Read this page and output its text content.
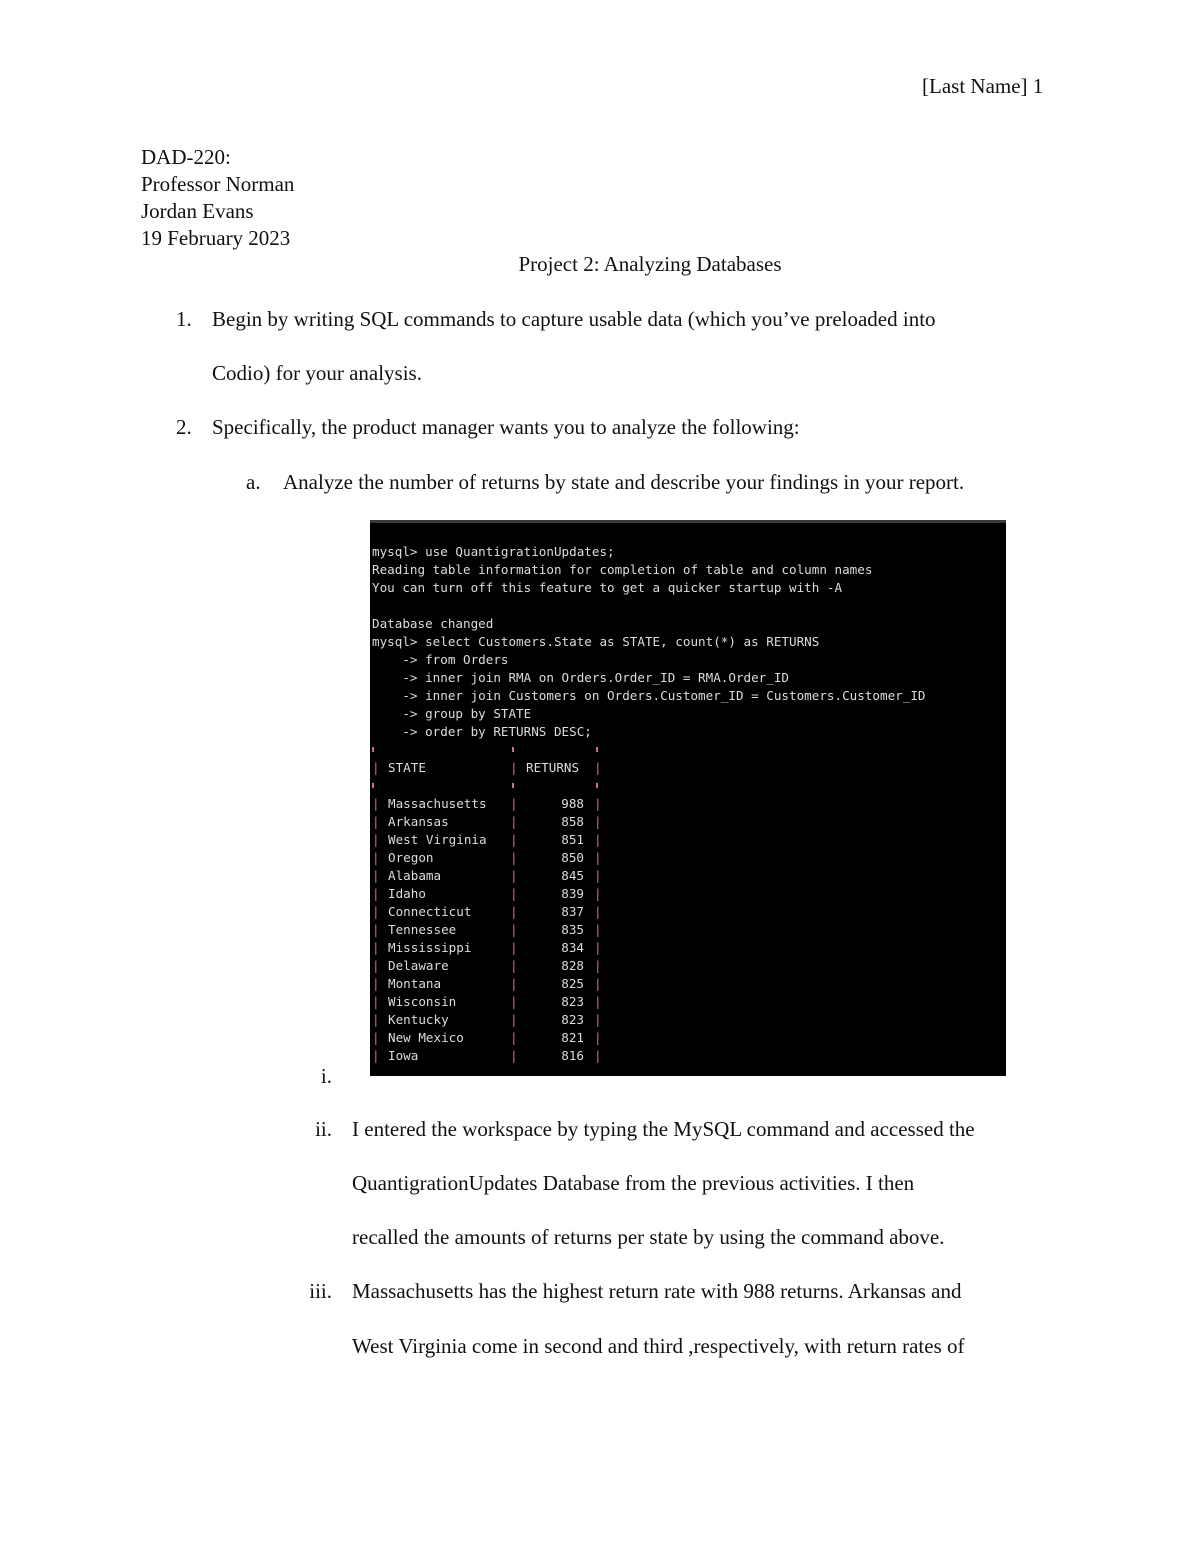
[Last Name] 1
DAD-220:
Professor Norman
Jordan Evans
19 February 2023
Project 2: Analyzing Databases
1. Begin by writing SQL commands to capture usable data (which you’ve preloaded into
Codio) for your analysis.
2. Specifically, the product manager wants you to analyze the following:
a. Analyze the number of returns by state and describe your findings in your report.
mysql> use QuantigrationUpdates;
Reading table information for completion of table and column names
You can turn off this feature to get a quicker startup with -A
Database changed
mysql> select Customers.State as STATE, count(*) as RETURNS
-> from Orders
-> inner join RMA on Orders.Order_ID = RMA.Order_ID
-> inner join Customers on Orders.Customer_ID = Customers.Customer_ID
-> group by STATE
-> order by RETURNS DESC;
| STATE	| RETURNS |
| Massachusetts |	988 |
| Arkansas	|	858 |
| West Virginia |	851 |
| Oregon	|	850 |
| Alabama	|	845 |
| Idaho	|	839 |
| Connecticut	|	837 |
| Tennessee	|	835 |
| Mississippi	|	834 |
| Delaware	|	828 |
| Montana	|	825 |
| Wisconsin	|	823 |
| Kentucky	|	823 |
| New Mexico	|	821 |
| Iowa	|	816 |
i.
ii. I entered the workspace by typing the MySQL command and accessed the
QuantigrationUpdates Database from the previous activities. I then
recalled the amounts of returns per state by using the command above.
iii. Massachusetts has the highest return rate with 988 returns. Arkansas and
West Virginia come in second and third ,respectively, with return rates of
